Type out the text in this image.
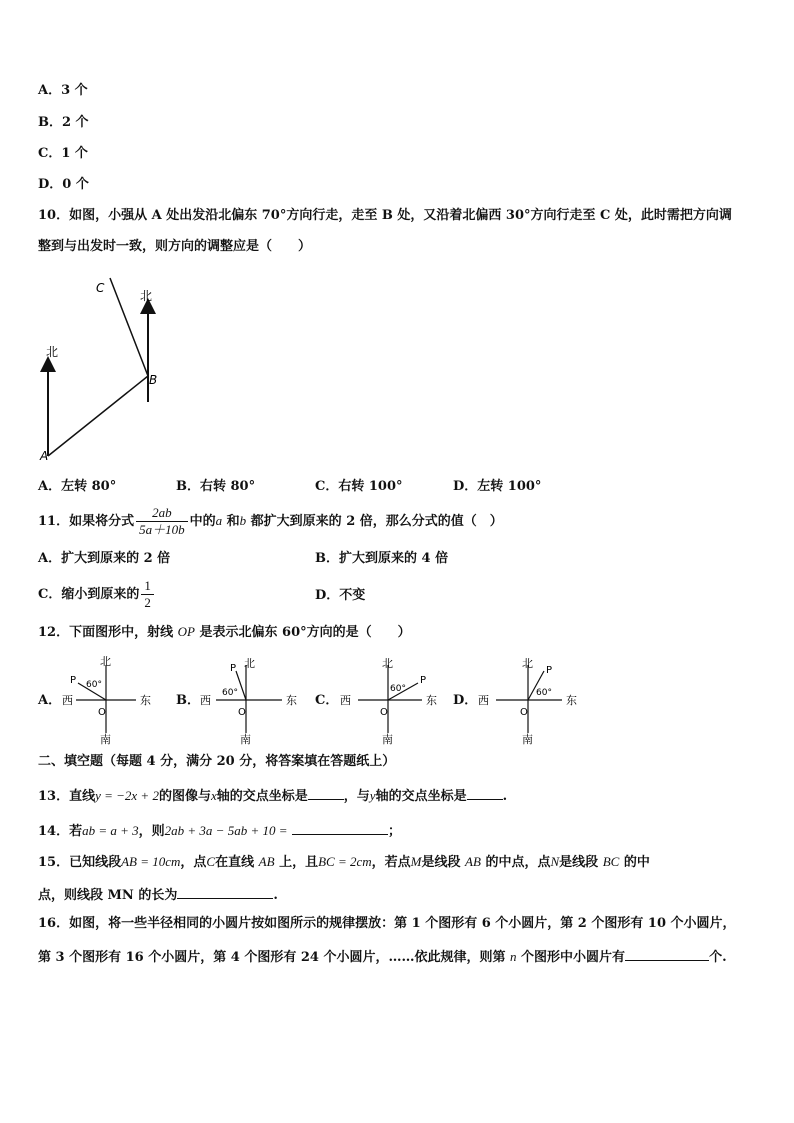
A．3 个
B．2 个
C．1 个
D．0 个
10．如图，小强从 A 处出发沿北偏东 70°方向行走，走至 B 处，又沿着北偏西 30°方向行走至 C 处，此时需把方向调
整到与出发时一致，则方向的调整应是（　　）
北
北
A
B
C
A．左转 80°	B．右转 80°	C．右转 100°	D．左转 100°
11．如果将分式 $\frac{2ab}{5a+10b}$ 中的a 和b 都扩大到原来的 2 倍，那么分式的值（　）
A．扩大到原来的 2 倍	B．扩大到原来的 4 倍
C．缩小到原来的 $\frac{1}{2}$	D．不变
12．下面图形中，射线 OP 是表示北偏东 60°方向的是（　　）
A．
北
南
西	东
O
P 60°
B．
北
南
西	东
O
P
60°	C．
北
南
西	东
O
P
60°
D．
北
南
西	东
O
P
60°
二、填空题（每题 4 分，满分 20 分，将答案填在答题纸上）
13．直线y = −2x + 2的图像与x轴的交点坐标是	，与y轴的交点坐标是	.
14．若ab = a + 3，则2ab + 3a − 5ab + 10 =	；
15．已知线段AB = 10cm，点C在直线 AB 上，且BC = 2cm，若点M是线段 AB 的中点，点N是线段 BC 的中
点，则线段 MN 的长为	.
16．如图，将一些半径相同的小圆片按如图所示的规律摆放：第 1 个图形有 6 个小圆片，第 2 个图形有 10 个小圆片，
第 3 个图形有 16 个小圆片，第 4 个图形有 24 个小圆片，……依此规律，则第 n 个图形中小圆片有	个.
